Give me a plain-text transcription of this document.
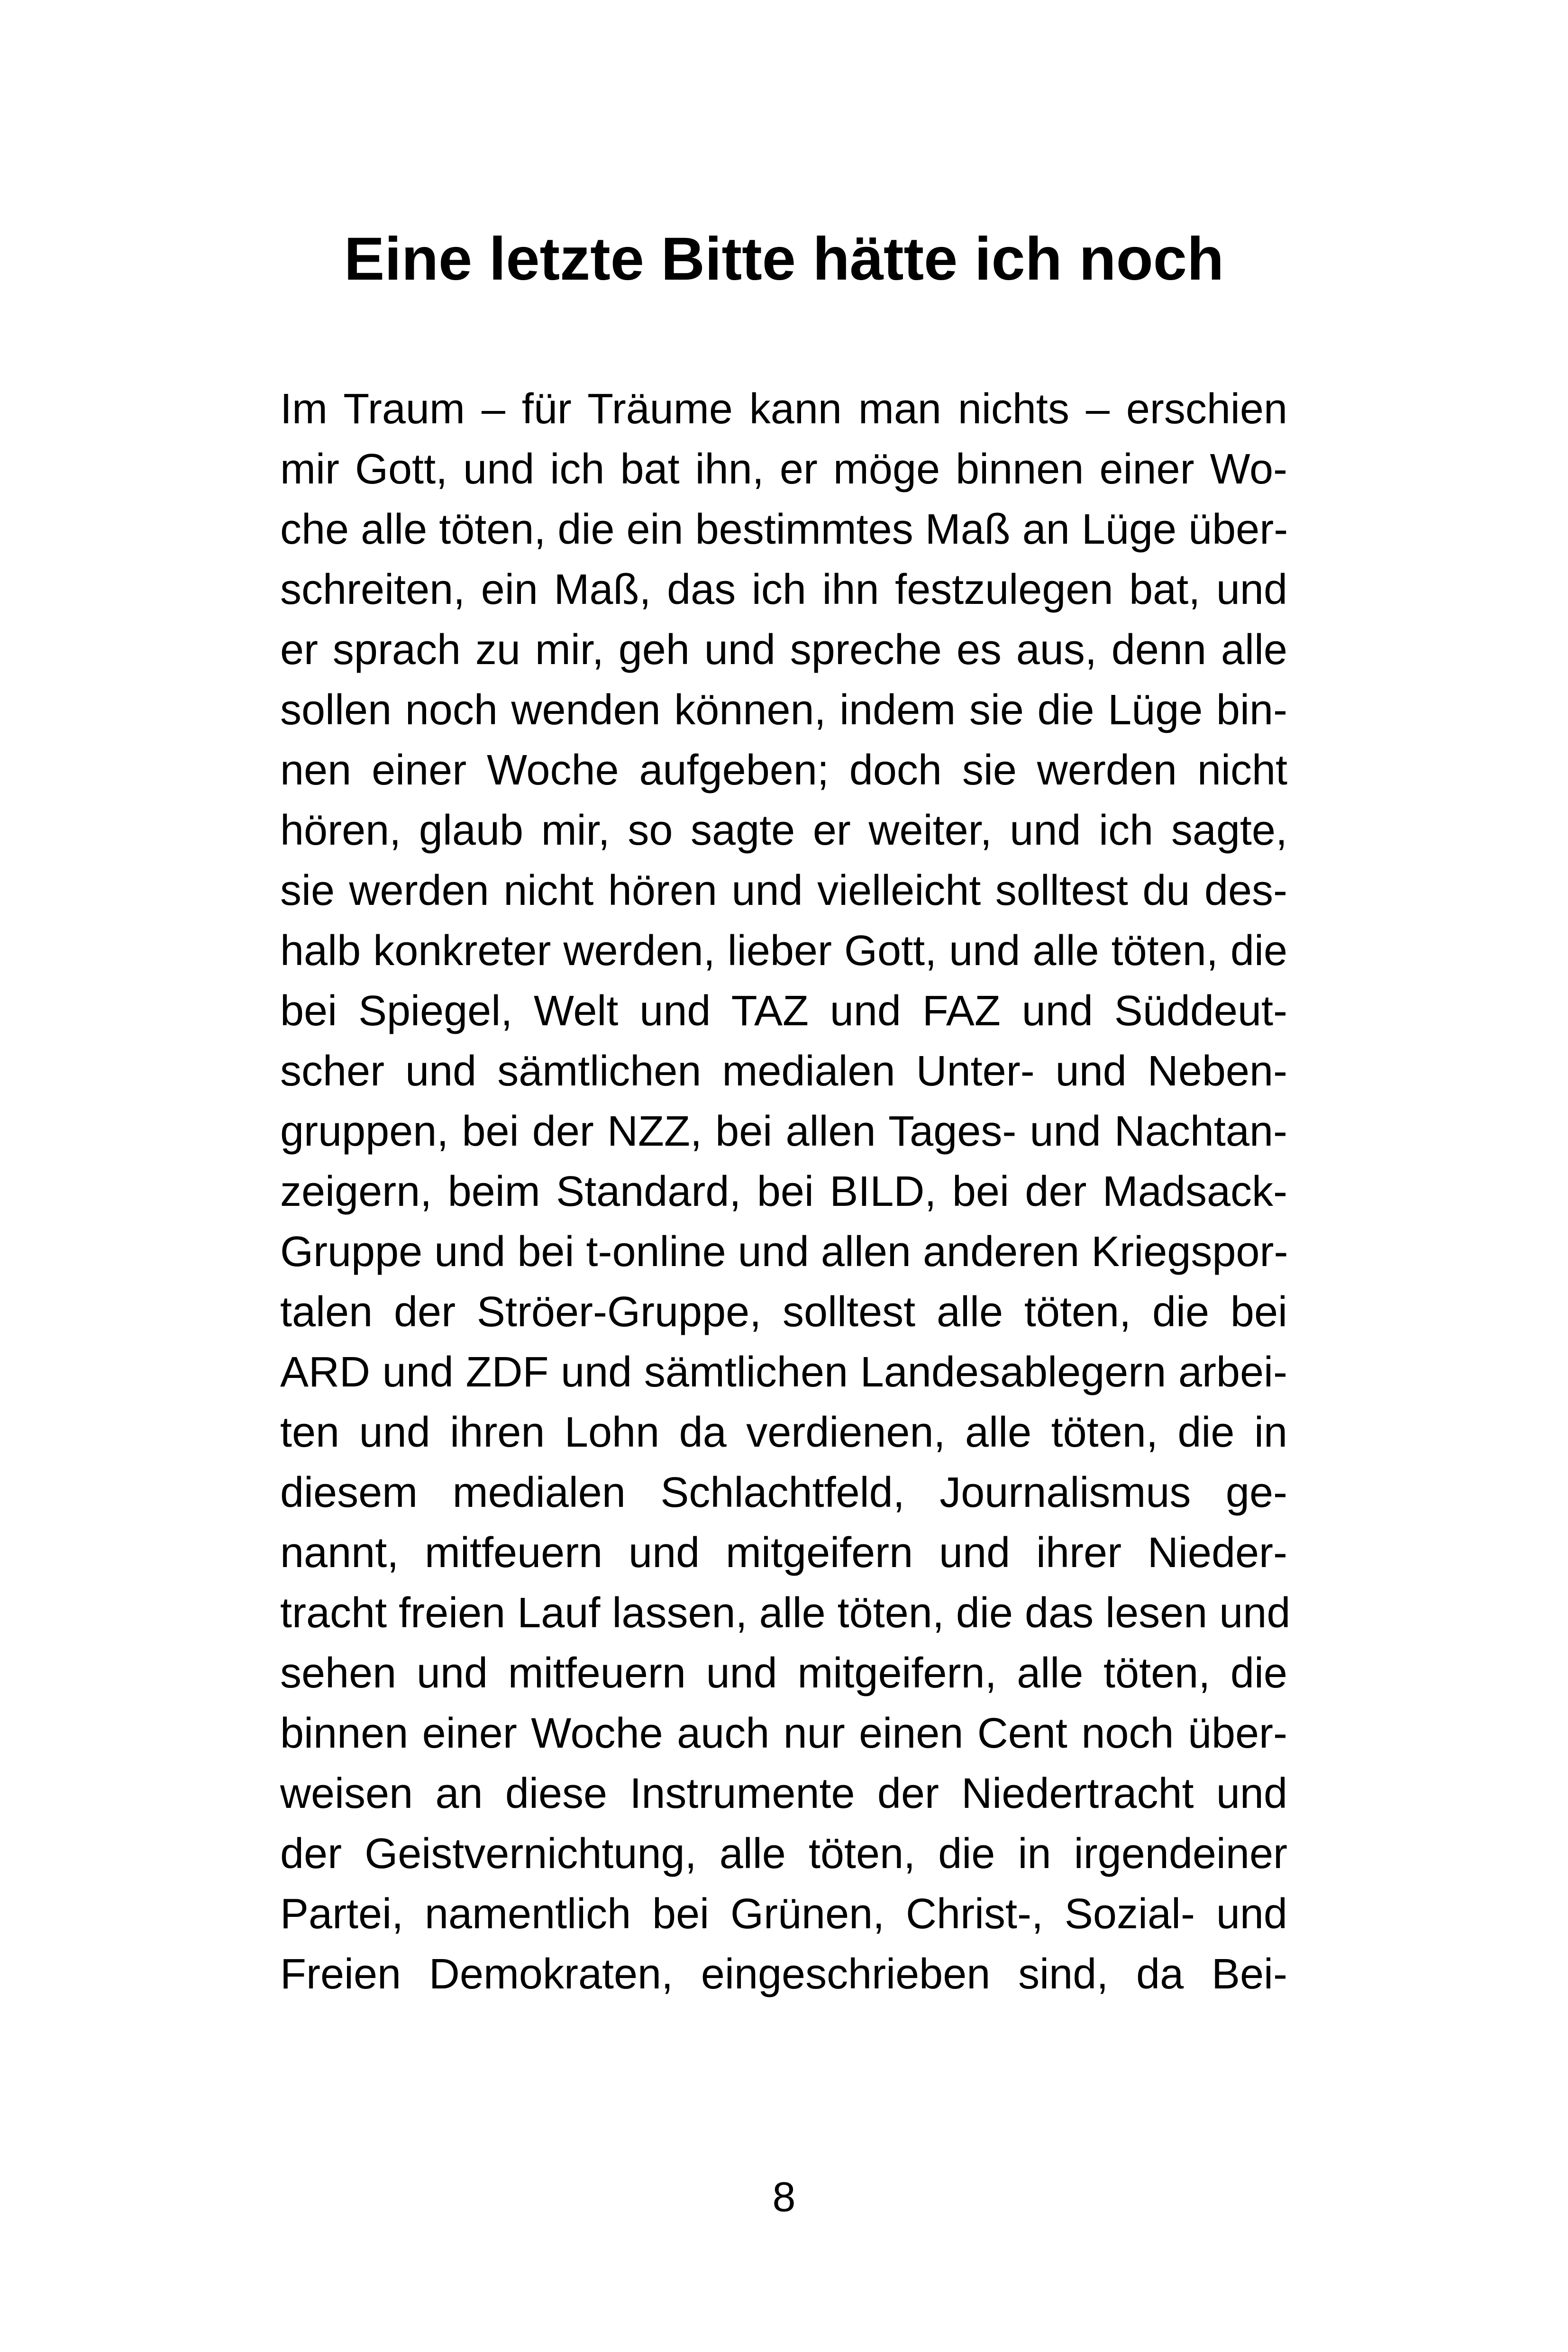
Eine letzte Bitte hätte ich noch
Im Traum – für Träume kann man nichts – erschien
mir Gott, und ich bat ihn, er möge binnen einer Wo-
che alle töten, die ein bestimmtes Maß an Lüge über-
schreiten, ein Maß, das ich ihn festzulegen bat, und
er sprach zu mir, geh und spreche es aus, denn alle
sollen noch wenden können, indem sie die Lüge bin-
nen einer Woche aufgeben; doch sie werden nicht
hören, glaub mir, so sagte er weiter, und ich sagte,
sie werden nicht hören und vielleicht solltest du des-
halb konkreter werden, lieber Gott, und alle töten, die
bei Spiegel, Welt und TAZ und FAZ und Süddeut-
scher und sämtlichen medialen Unter- und Neben-
gruppen, bei der NZZ, bei allen Tages- und Nachtan-
zeigern, beim Standard, bei BILD, bei der Madsack-
Gruppe und bei t-online und allen anderen Kriegspor-
talen der Ströer-Gruppe, solltest alle töten, die bei
ARD und ZDF und sämtlichen Landesablegern arbei-
ten und ihren Lohn da verdienen, alle töten, die in
diesem medialen Schlachtfeld, Journalismus ge-
nannt, mitfeuern und mitgeifern und ihrer Nieder-
tracht freien Lauf lassen, alle töten, die das lesen und
sehen und mitfeuern und mitgeifern, alle töten, die
binnen einer Woche auch nur einen Cent noch über-
weisen an diese Instrumente der Niedertracht und
der Geistvernichtung, alle töten, die in irgendeiner
Partei, namentlich bei Grünen, Christ-, Sozial- und
Freien Demokraten, eingeschrieben sind, da Bei-
8
